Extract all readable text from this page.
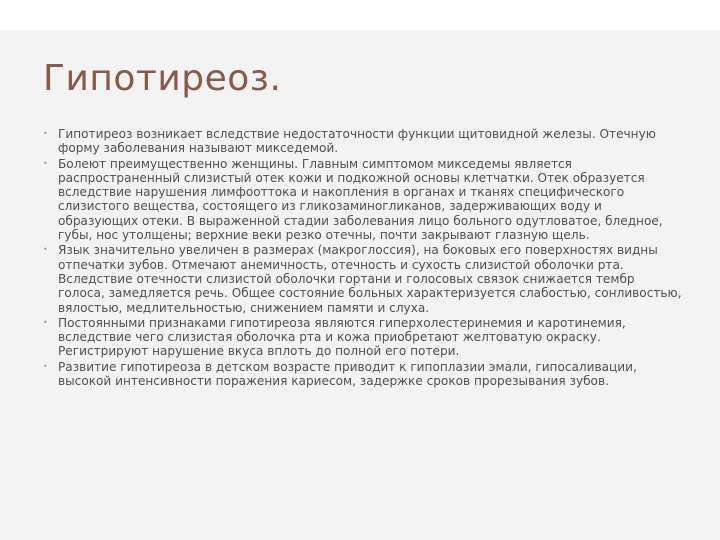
Гипотиреоз.
• Гипотиреоз возникает вследствие недостаточности функции щитовидной железы. Отечную форму заболевания называют микседемой.
• Болеют преимущественно женщины. Главным симптомом микседемы является распространенный слизистый отек кожи и подкожной основы клетчатки. Отек образуется вследствие нарушения лимфооттока и накопления в органах и тканях специфического слизистого вещества, состоящего из гликозаминогликанов, задерживающих воду и образующих отеки. В выраженной стадии заболевания лицо больного одутловатое, бледное, губы, нос утолщены; верхние веки резко отечны, почти закрывают глазную щель.
• Язык значительно увеличен в размерах (макроглоссия), на боковых его поверхностях видны отпечатки зубов. Отмечают анемичность, отечность и сухость слизистой оболочки рта. Вследствие отечности слизистой оболочки гортани и голосовых связок снижается тембр голоса, замедляется речь. Общее состояние больных характеризуется слабостью, сонливостью, вялостью, медлительностью, снижением памяти и слуха.
• Постоянными признаками гипотиреоза являются гиперхолестеринемия и каротинемия, вследствие чего слизистая оболочка рта и кожа приобретают желтоватую окраску. Регистрируют нарушение вкуса вплоть до полной его потери.
• Развитие гипотиреоза в детском возрасте приводит к гипоплазии эмали, гипосаливации, высокой интенсивности поражения кариесом, задержке сроков прорезывания зубов.
